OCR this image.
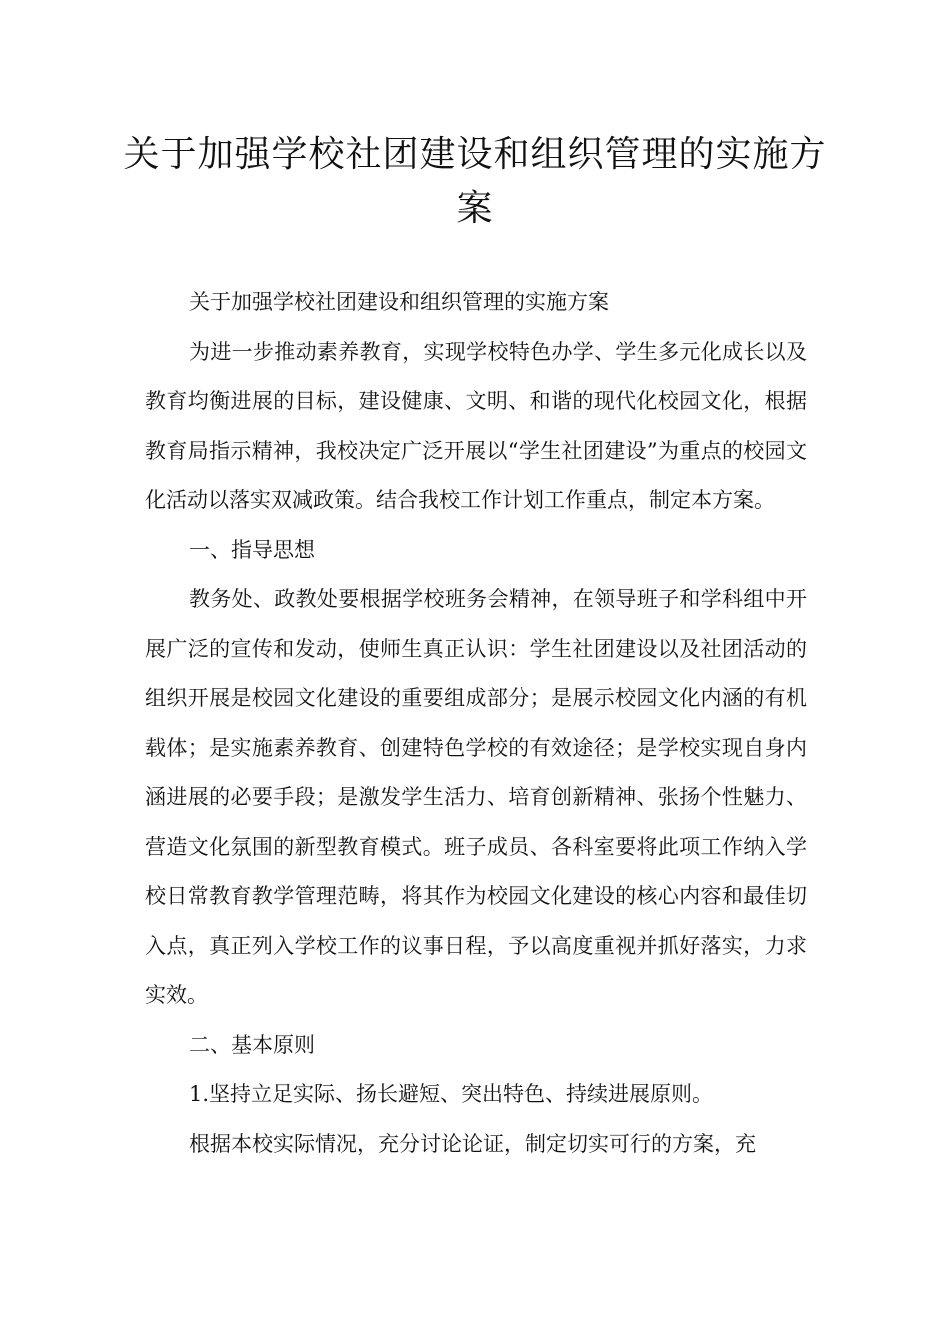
关于加强学校社团建设和组织管理的实施方案

关于加强学校社团建设和组织管理的实施方案

为进一步推动素养教育，实现学校特色办学、学生多元化成长以及教育均衡进展的目标，建设健康、文明、和谐的现代化校园文化，根据教育局指示精神，我校决定广泛开展以“学生社团建设”为重点的校园文化活动以落实双减政策。结合我校工作计划工作重点，制定本方案。

一、指导思想

教务处、政教处要根据学校班务会精神，在领导班子和学科组中开展广泛的宣传和发动，使师生真正认识：学生社团建设以及社团活动的组织开展是校园文化建设的重要组成部分；是展示校园文化内涵的有机载体；是实施素养教育、创建特色学校的有效途径；是学校实现自身内涵进展的必要手段；是激发学生活力、培育创新精神、张扬个性魅力、营造文化氛围的新型教育模式。班子成员、各科室要将此项工作纳入学校日常教育教学管理范畴，将其作为校园文化建设的核心内容和最佳切入点，真正列入学校工作的议事日程，予以高度重视并抓好落实，力求实效。

二、基本原则

1.坚持立足实际、扬长避短、突出特色、持续进展原则。

根据本校实际情况，充分讨论论证，制定切实可行的方案，充
